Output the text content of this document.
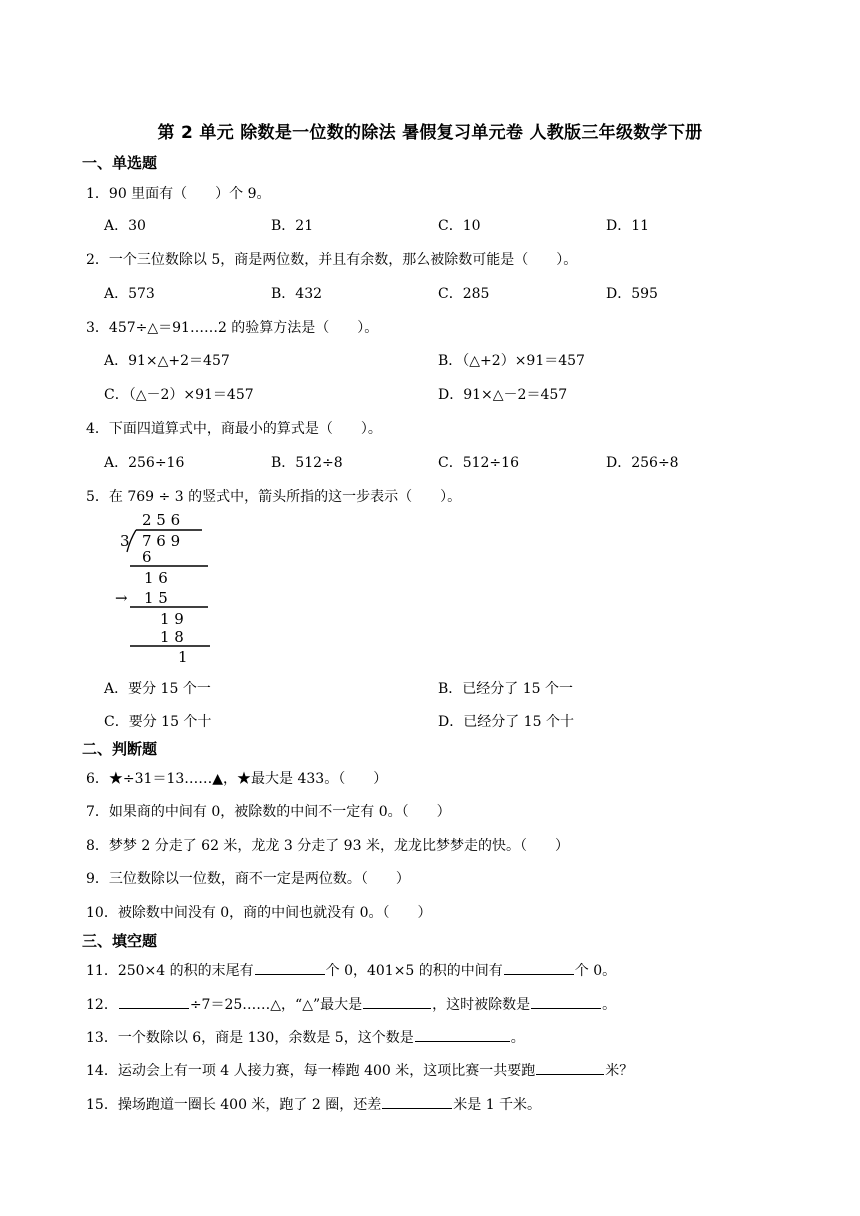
第 2 单元 除数是一位数的除法 暑假复习单元卷 人教版三年级数学下册
一、单选题
1．90 里面有（　　）个 9。
A．30	B．21	C．10	D．11
2．一个三位数除以 5，商是两位数，并且有余数，那么被除数可能是（　　）。
A．573	B．432	C．285	D．595
3．457÷△＝91……2 的验算方法是（　　）。
A．91×△+2＝457	B．（△+2）×91＝457
C．（△－2）×91＝457	D．91×△－2＝457
4．下面四道算式中，商最小的算式是（　　）。
A．256÷16	B．512÷8	C．512÷16	D．256÷8
5．在 769 ÷ 3 的竖式中，箭头所指的这一步表示（　　）。
2 5 6
3 7 6 9
6
1 6
→ 1 5
1 9
1 8
1
A．要分 15 个一	B．已经分了 15 个一
C．要分 15 个十	D．已经分了 15 个十
二、判断题
6．★÷31＝13……▲，★最大是 433。（　　）
7．如果商的中间有 0，被除数的中间不一定有 0。（　　）
8．梦梦 2 分走了 62 米，龙龙 3 分走了 93 米，龙龙比梦梦走的快。（　　）
9．三位数除以一位数，商不一定是两位数。（　　）
10．被除数中间没有 0，商的中间也就没有 0。（　　）
三、填空题
11．250×4 的积的末尾有	个 0，401×5 的积的中间有	个 0。
12．	÷7＝25……△，“△”最大是	，这时被除数是	。
13．一个数除以 6，商是 130，余数是 5，这个数是	。
14．运动会上有一项 4 人接力赛，每一棒跑 400 米，这项比赛一共要跑	米？
15．操场跑道一圈长 400 米，跑了 2 圈，还差	米是 1 千米。
